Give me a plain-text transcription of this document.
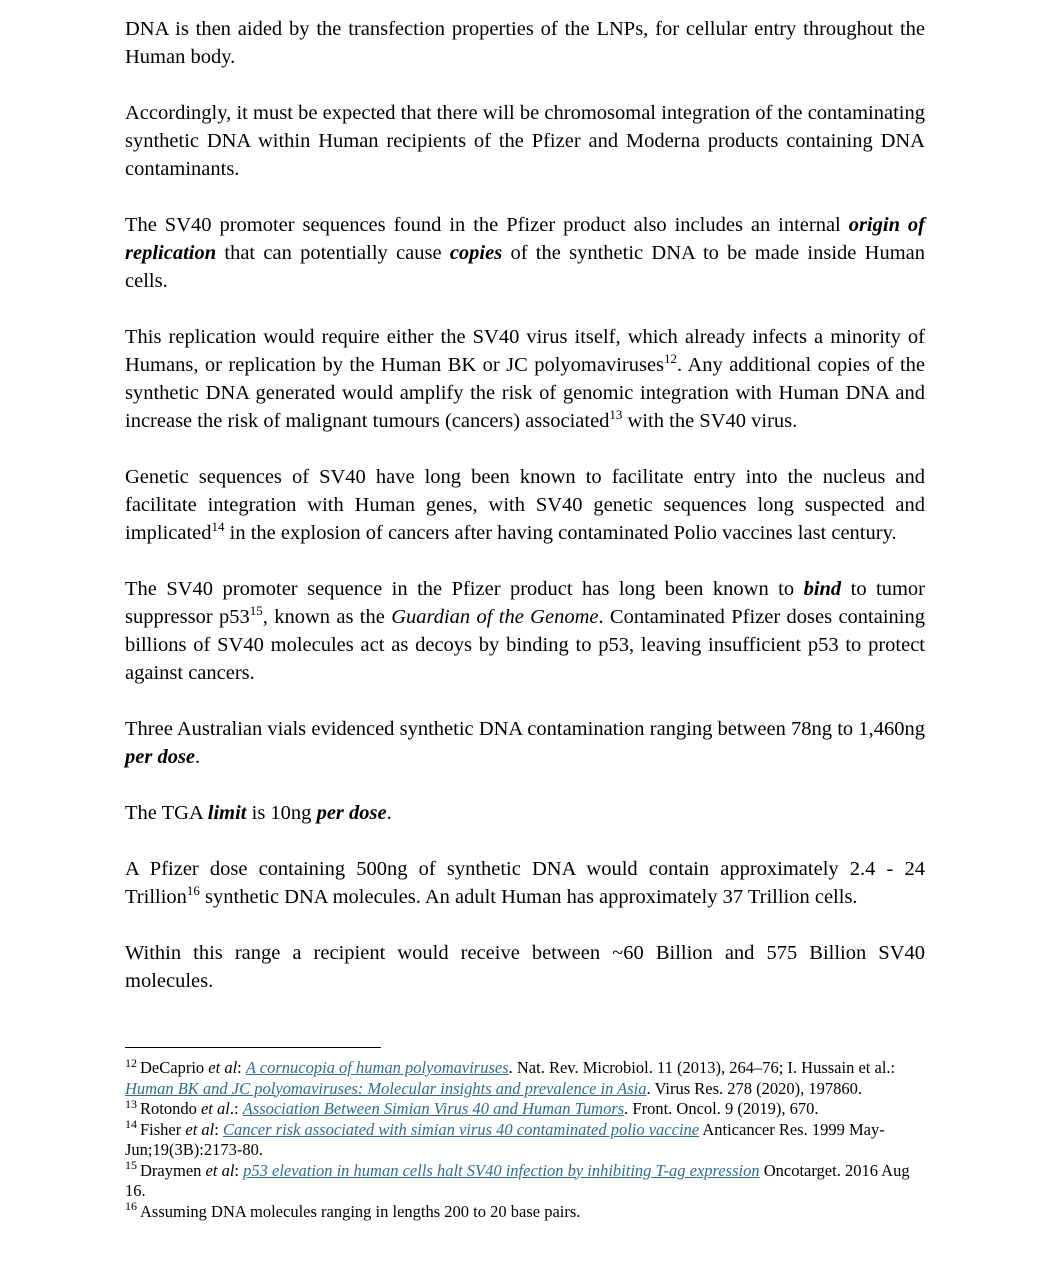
DNA is then aided by the transfection properties of the LNPs, for cellular entry throughout the Human body.

Accordingly, it must be expected that there will be chromosomal integration of the contaminating synthetic DNA within Human recipients of the Pfizer and Moderna products containing DNA contaminants.

The SV40 promoter sequences found in the Pfizer product also includes an internal origin of replication that can potentially cause copies of the synthetic DNA to be made inside Human cells.

This replication would require either the SV40 virus itself, which already infects a minority of Humans, or replication by the Human BK or JC polyomaviruses$^{12}$. Any additional copies of the synthetic DNA generated would amplify the risk of genomic integration with Human DNA and increase the risk of malignant tumours (cancers) associated$^{13}$ with the SV40 virus.

Genetic sequences of SV40 have long been known to facilitate entry into the nucleus and facilitate integration with Human genes, with SV40 genetic sequences long suspected and implicated$^{14}$ in the explosion of cancers after having contaminated Polio vaccines last century.

The SV40 promoter sequence in the Pfizer product has long been known to bind to tumor suppressor $p53^{15}$, known as the Guardian of the Genome. Contaminated Pfizer doses containing billions of SV40 molecules act as decoys by binding to p53, leaving insufficient p53 to protect against cancers.

Three Australian vials evidenced synthetic DNA contamination ranging between 78ng to 1,460ng per dose.

The TGA limit is 10ng per dose.

A Pfizer dose containing 500ng of synthetic DNA would contain approximately 2.4 - 24 Trillion$^{16}$ synthetic DNA molecules. An adult Human has approximately 37 Trillion cells.

Within this range a recipient would receive between ~60 Billion and 575 Billion SV40 molecules.

$^{12}$ DeCaprio et al: A cornucopia of human polyomaviruses. Nat. Rev. Microbiol. 11 (2013), 264–76; I. Hussain et al.: Human BK and JC polyomaviruses: Molecular insights and prevalence in Asia. Virus Res. 278 (2020), 197860.

$^{13}$ Rotondo et al.: Association Between Simian Virus 40 and Human Tumors. Front. Oncol. 9 (2019), 670.

$^{14}$ Fisher et al: Cancer risk associated with simian virus 40 contaminated polio vaccine Anticancer Res. 1999 May-Jun;19(3B):2173-80.

$^{15}$ Draymen et al: p53 elevation in human cells halt SV40 infection by inhibiting T-ag expression Oncotarget. 2016 Aug 16.

$^{16}$ Assuming DNA molecules ranging in lengths 200 to 20 base pairs.
